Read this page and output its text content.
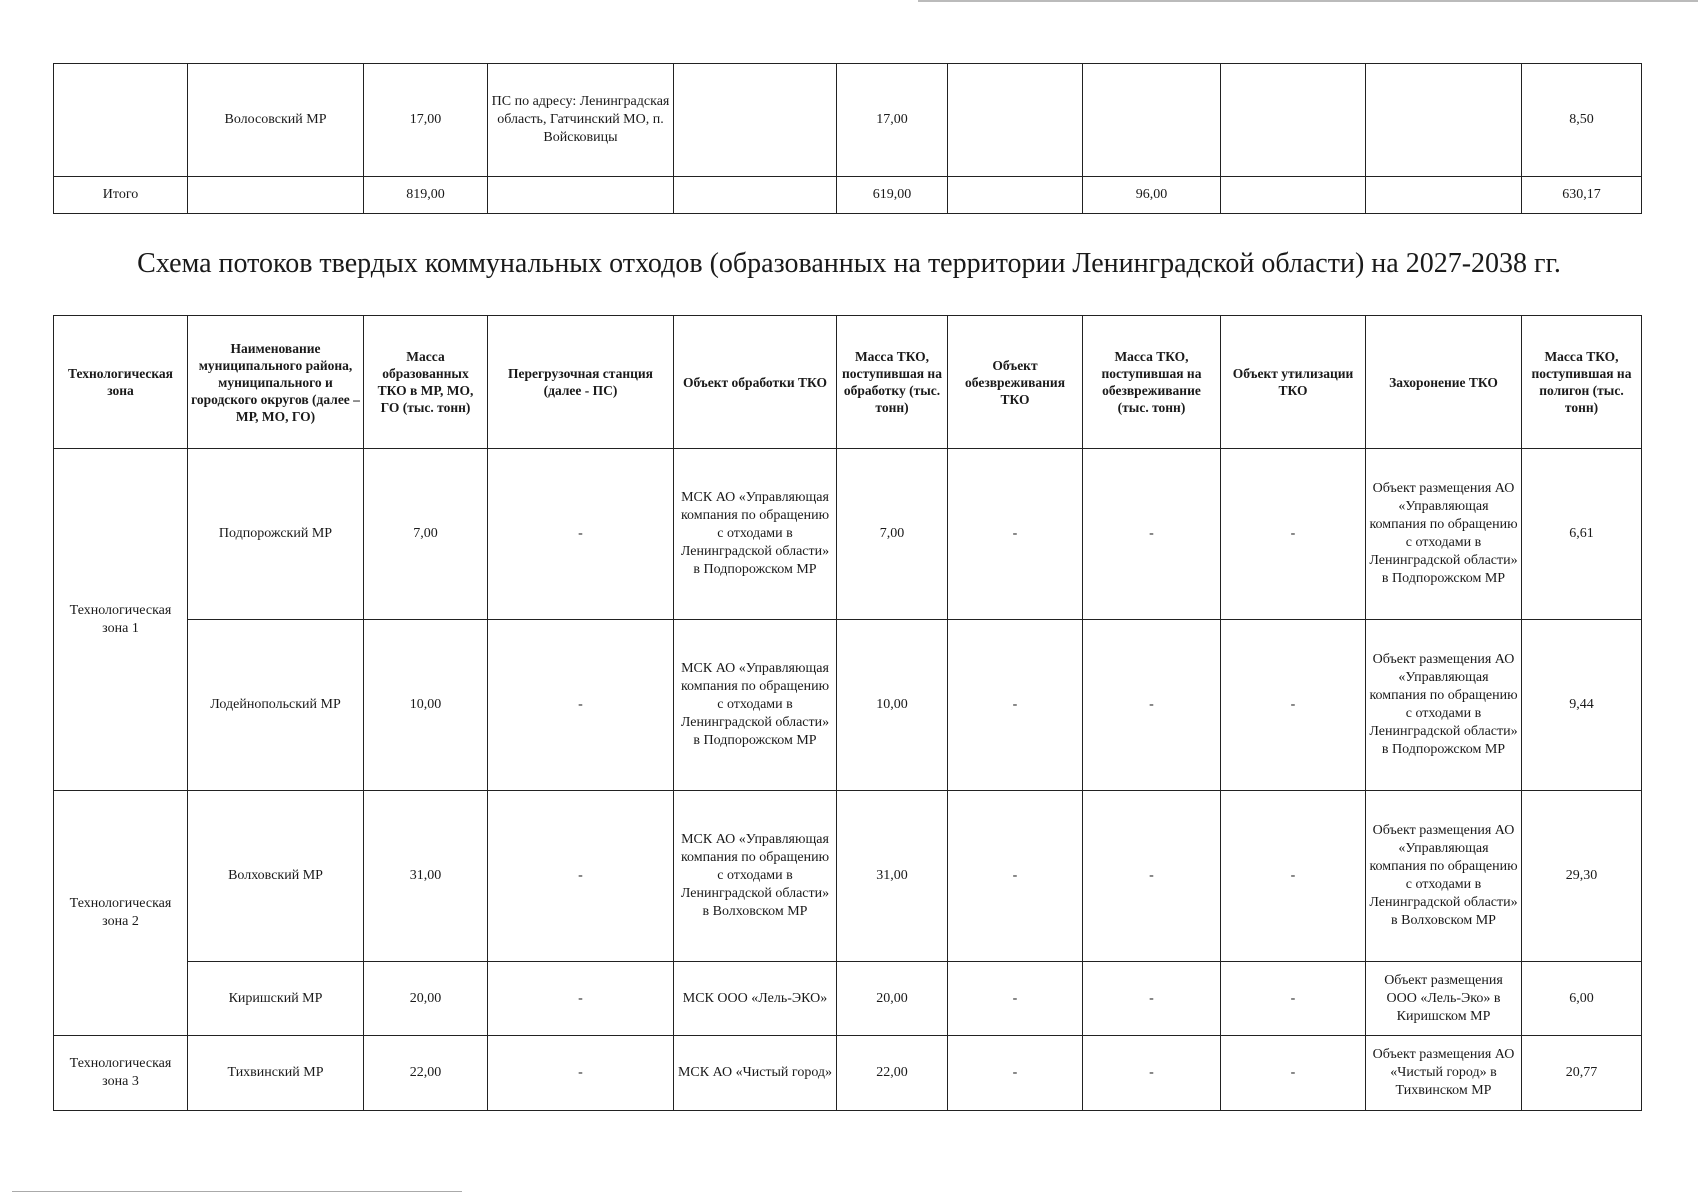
	Волосовский МР	17,00	ПС по адресу: Ленинградская область, Гатчинский МО, п. Войсковицы		17,00					8,50
Итого		819,00			619,00		96,00			630,17
Схема потоков твердых коммунальных отходов (образованных на территории Ленинградской области) на 2027-2038 гг.
Технологическая зона	Наименование муниципального района, муниципального и городского округов (далее – МР, МО, ГО)	Масса образованных ТКО в МР, МО, ГО (тыс. тонн)	Перегрузочная станция (далее - ПС)	Объект обработки ТКО	Масса ТКО, поступившая на обработку (тыс. тонн)	Объект обезвреживания ТКО	Масса ТКО, поступившая на обезвреживание (тыс. тонн)	Объект утилизации ТКО	Захоронение ТКО	Масса ТКО, поступившая на полигон (тыс. тонн)
Технологическая зона 1	Подпорожский МР	7,00	-	МСК АО «Управляющая компания по обращению с отходами в Ленинградской области» в Подпорожском МР	7,00	-	-	-	Объект размещения АО «Управляющая компания по обращению с отходами в Ленинградской области» в Подпорожском МР	6,61
	Лодейнопольский МР	10,00	-	МСК АО «Управляющая компания по обращению с отходами в Ленинградской области» в Подпорожском МР	10,00	-	-	-	Объект размещения АО «Управляющая компания по обращению с отходами в Ленинградской области» в Подпорожском МР	9,44
Технологическая зона 2	Волховский МР	31,00	-	МСК АО «Управляющая компания по обращению с отходами в Ленинградской области» в Волховском МР	31,00	-	-	-	Объект размещения АО «Управляющая компания по обращению с отходами в Ленинградской области» в Волховском МР	29,30
	Киришский МР	20,00	-	МСК ООО «Лель-ЭКО»	20,00	-	-	-	Объект размещения ООО «Лель-Эко» в Киришском МР	6,00
Технологическая зона 3	Тихвинский МР	22,00	-	МСК АО «Чистый город»	22,00	-	-	-	Объект размещения АО «Чистый город» в Тихвинском МР	20,77
